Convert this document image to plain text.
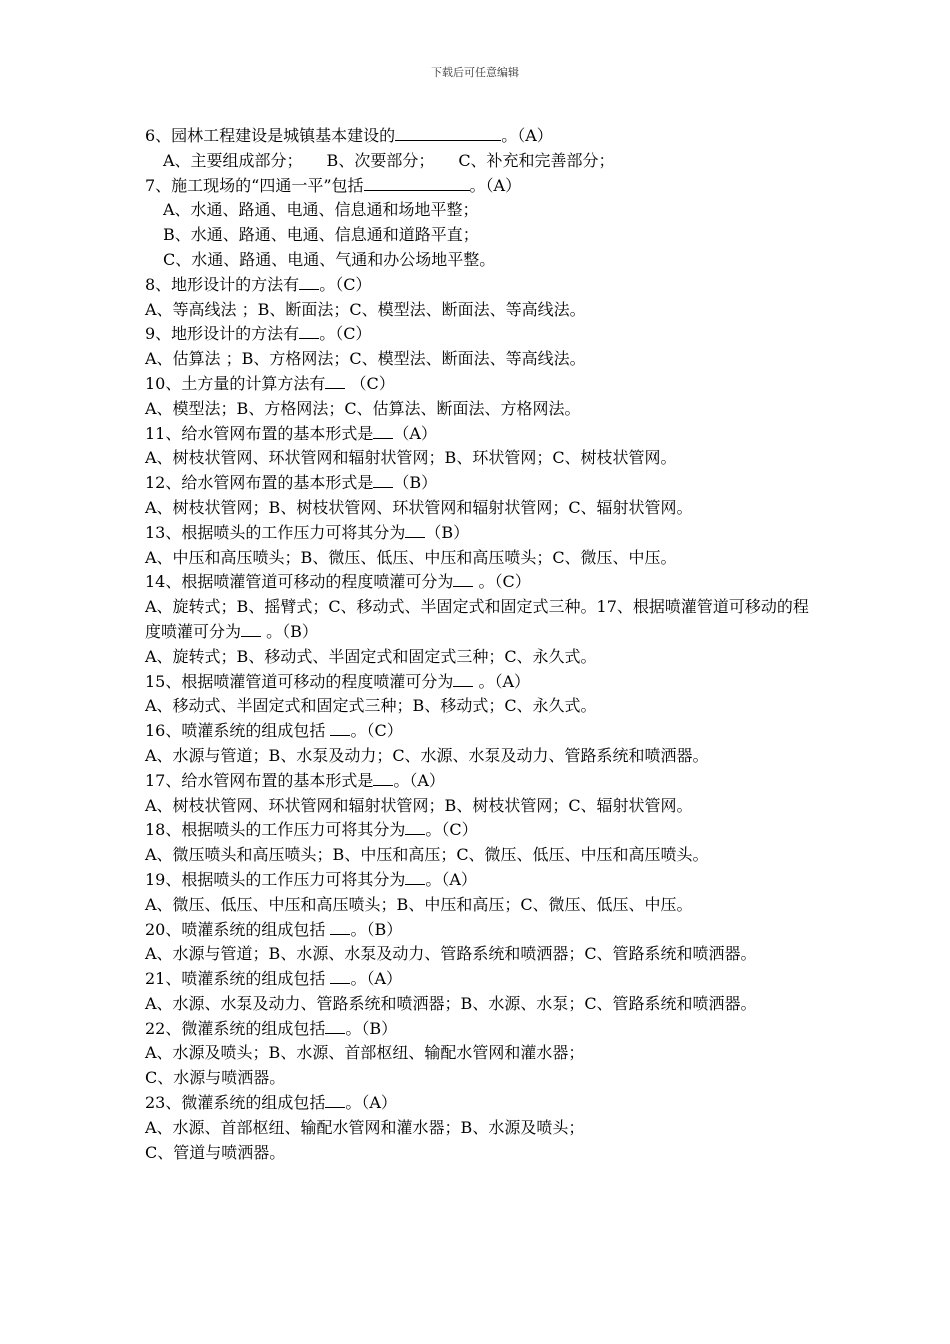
下载后可任意编辑
6、园林工程建设是城镇基本建设的	。（A）
A、主要组成部分；　　B、次要部分；　　C、补充和完善部分；
7、施工现场的“四通一平”包括	。（A）
A、水通、路通、电通、信息通和场地平整；
B、水通、路通、电通、信息通和道路平直；
C、水通、路通、电通、气通和办公场地平整。
8、地形设计的方法有 。（C）
A、等高线法 ；B、断面法；C、模型法、断面法、等高线法。
9、地形设计的方法有 。（C）
A、估算法 ；B、方格网法；C、模型法、断面法、等高线法。
10、土方量的计算方法有 （C）
A、模型法；B、方格网法；C、估算法、断面法、方格网法。
11、给水管网布置的基本形式是 （A）
A、树枝状管网、环状管网和辐射状管网；B、环状管网；C、树枝状管网。
12、给水管网布置的基本形式是 （B）
A、树枝状管网；B、树枝状管网、环状管网和辐射状管网；C、辐射状管网。
13、根据喷头的工作压力可将其分为 （B）
A、中压和高压喷头；B、微压、低压、中压和高压喷头；C、微压、中压。
14、根据喷灌管道可移动的程度喷灌可分为 。（C）
A、旋转式；B、摇臂式；C、移动式、半固定式和固定式三种。17、根据喷灌管道可移动的程度喷灌可分为 。（B）
A、旋转式；B、移动式、半固定式和固定式三种；C、永久式。
15、根据喷灌管道可移动的程度喷灌可分为 。（A）
A、移动式、半固定式和固定式三种；B、移动式；C、永久式。
16、喷灌系统的组成包括 。（C）
A、水源与管道；B、水泵及动力；C、水源、水泵及动力、管路系统和喷洒器。
17、给水管网布置的基本形式是 。（A）
A、树枝状管网、环状管网和辐射状管网；B、树枝状管网；C、辐射状管网。
18、根据喷头的工作压力可将其分为 。（C）
A、微压喷头和高压喷头；B、中压和高压；C、微压、低压、中压和高压喷头。
19、根据喷头的工作压力可将其分为 。（A）
A、微压、低压、中压和高压喷头；B、中压和高压；C、微压、低压、中压。
20、喷灌系统的组成包括 。（B）
A、水源与管道；B、水源、水泵及动力、管路系统和喷洒器；C、管路系统和喷洒器。
21、喷灌系统的组成包括 。（A）
A、水源、水泵及动力、管路系统和喷洒器；B、水源、水泵；C、管路系统和喷洒器。
22、微灌系统的组成包括 。（B）
A、水源及喷头；B、水源、首部枢纽、输配水管网和灌水器；
C、水源与喷洒器。
23、微灌系统的组成包括 。（A）
A、水源、首部枢纽、输配水管网和灌水器；B、水源及喷头；
C、管道与喷洒器。
